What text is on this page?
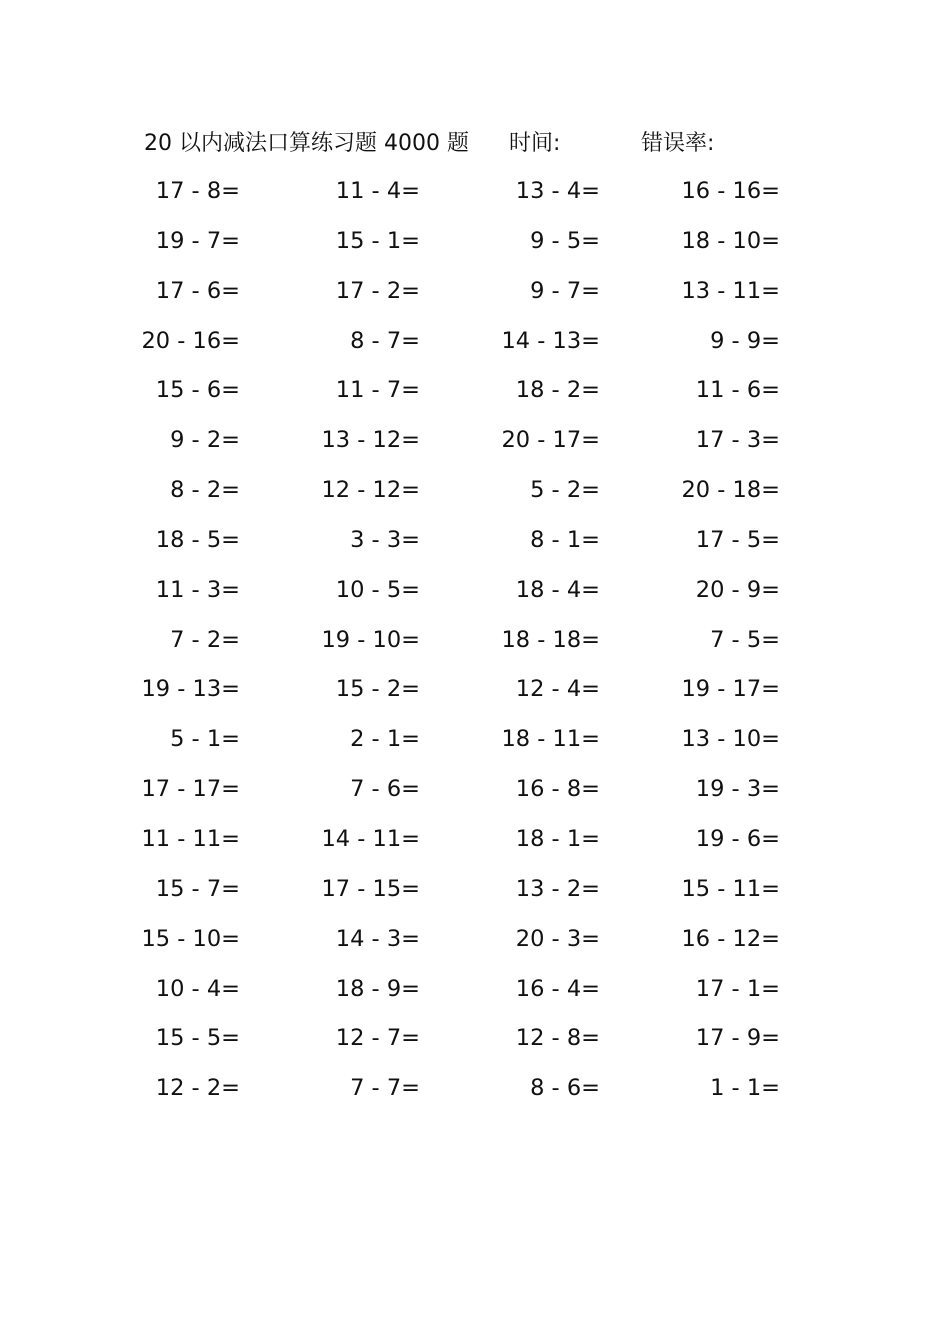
20 以内减法口算练习题 4000 题 时间:	错误率:
17 - 8=	11 - 4=	13 - 4=	16 - 16=
19 - 7=	15 - 1=	9 - 5=	18 - 10=
17 - 6=	17 - 2=	9 - 7=	13 - 11=
20 - 16=	8 - 7=	14 - 13=	9 - 9=
15 - 6=	11 - 7=	18 - 2=	11 - 6=
9 - 2=	13 - 12=	20 - 17=	17 - 3=
8 - 2=	12 - 12=	5 - 2=	20 - 18=
18 - 5=	3 - 3=	8 - 1=	17 - 5=
11 - 3=	10 - 5=	18 - 4=	20 - 9=
7 - 2=	19 - 10=	18 - 18=	7 - 5=
19 - 13=	15 - 2=	12 - 4=	19 - 17=
5 - 1=	2 - 1=	18 - 11=	13 - 10=
17 - 17=	7 - 6=	16 - 8=	19 - 3=
11 - 11=	14 - 11=	18 - 1=	19 - 6=
15 - 7=	17 - 15=	13 - 2=	15 - 11=
15 - 10=	14 - 3=	20 - 3=	16 - 12=
10 - 4=	18 - 9=	16 - 4=	17 - 1=
15 - 5=	12 - 7=	12 - 8=	17 - 9=
12 - 2=	7 - 7=	8 - 6=	1 - 1=
